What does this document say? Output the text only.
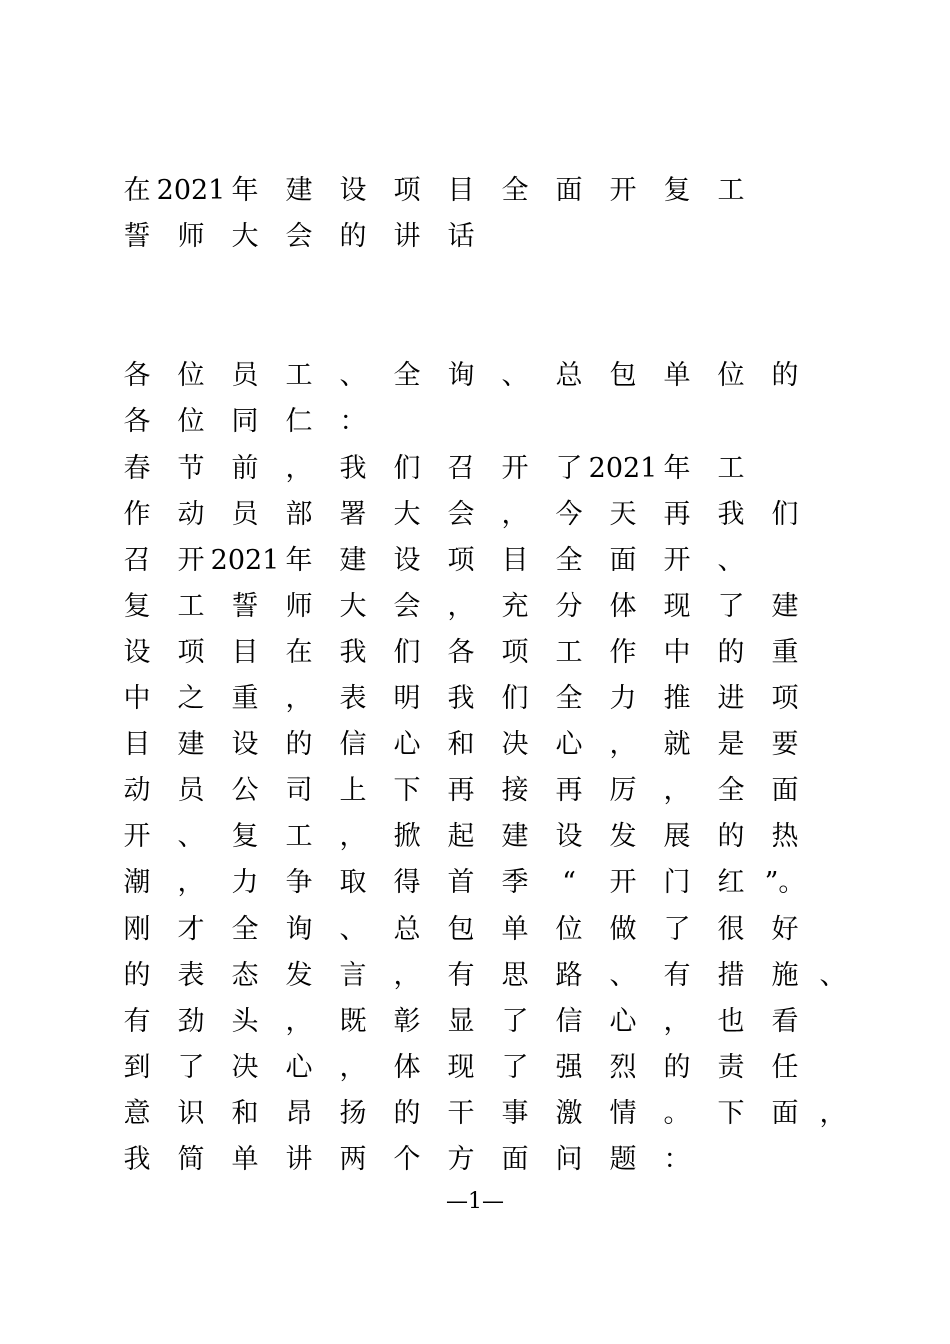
在 2021 年 建 设 项 目 全 面 开 复 工
誓 师 大 会 的 讲 话
各 位 员 工 、 全 询 、 总 包 单 位 的
各 位 同 仁 ：
春 节 前 ， 我 们 召 开 了 2021 年 工
作 动 员 部 署 大 会 ， 今 天 再 我 们
召 开 2021 年 建 设 项 目 全 面 开 、
复 工 誓 师 大 会 ， 充 分 体 现 了 建
设 项 目 在 我 们 各 项 工 作 中 的 重
中 之 重 ， 表 明 我 们 全 力 推 进 项
目 建 设 的 信 心 和 决 心 ， 就 是 要
动 员 公 司 上 下 再 接 再 厉 ， 全 面
开 、 复 工 ， 掀 起 建 设 发 展 的 热
潮 ， 力 争 取 得 首 季 “ 开 门 红 ”。
刚 才 全 询 、 总 包 单 位 做 了 很 好
的 表 态 发 言 ， 有 思 路 、 有 措 施 、
有 劲 头 ， 既 彰 显 了 信 心 ， 也 看
到 了 决 心 ， 体 现 了 强 烈 的 责 任
意 识 和 昂 扬 的 干 事 激 情 。 下 面 ，
我 简 单 讲 两 个 方 面 问 题 ：
—1—
